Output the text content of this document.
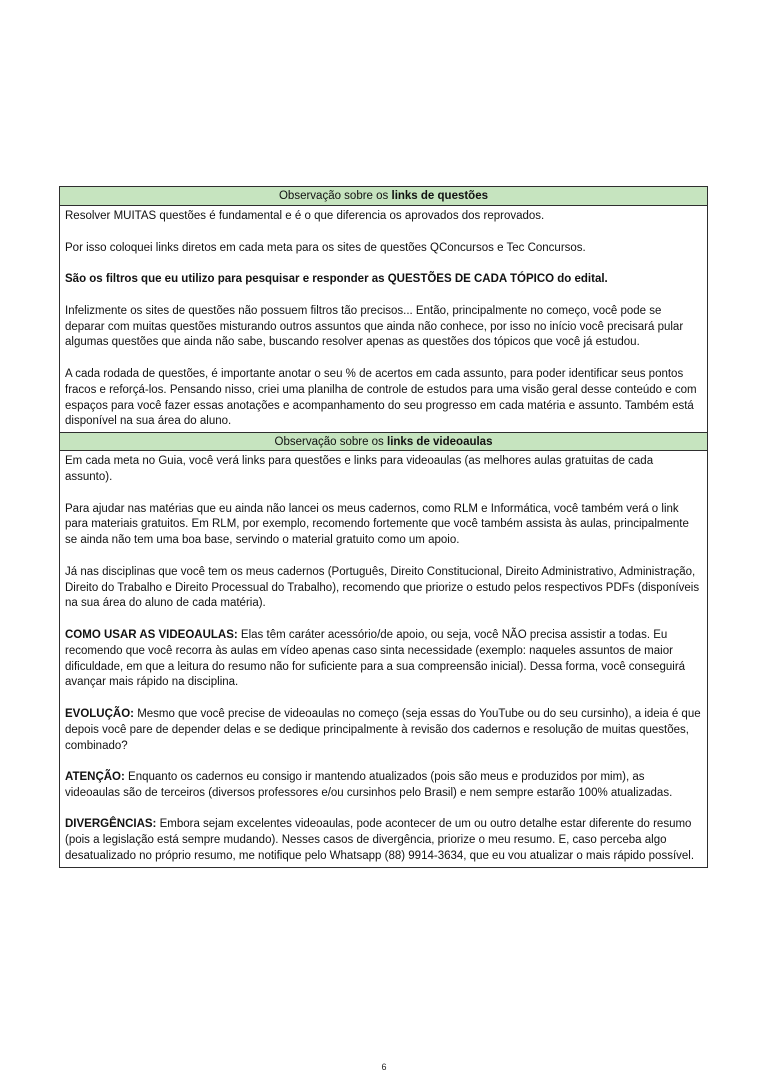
Observação sobre os links de questões

Resolver MUITAS questões é fundamental e é o que diferencia os aprovados dos reprovados.

Por isso coloquei links diretos em cada meta para os sites de questões QConcursos e Tec Concursos.

São os filtros que eu utilizo para pesquisar e responder as QUESTÕES DE CADA TÓPICO do edital.

Infelizmente os sites de questões não possuem filtros tão precisos... Então, principalmente no começo, você pode se deparar com muitas questões misturando outros assuntos que ainda não conhece, por isso no início você precisará pular algumas questões que ainda não sabe, buscando resolver apenas as questões dos tópicos que você já estudou.

A cada rodada de questões, é importante anotar o seu % de acertos em cada assunto, para poder identificar seus pontos fracos e reforçá-los. Pensando nisso, criei uma planilha de controle de estudos para uma visão geral desse conteúdo e com espaços para você fazer essas anotações e acompanhamento do seu progresso em cada matéria e assunto. Também está disponível na sua área do aluno.

Observação sobre os links de videoaulas

Em cada meta no Guia, você verá links para questões e links para videoaulas (as melhores aulas gratuitas de cada assunto).

Para ajudar nas matérias que eu ainda não lancei os meus cadernos, como RLM e Informática, você também verá o link para materiais gratuitos. Em RLM, por exemplo, recomendo fortemente que você também assista às aulas, principalmente se ainda não tem uma boa base, servindo o material gratuito como um apoio.

Já nas disciplinas que você tem os meus cadernos (Português, Direito Constitucional, Direito Administrativo, Administração, Direito do Trabalho e Direito Processual do Trabalho), recomendo que priorize o estudo pelos respectivos PDFs (disponíveis na sua área do aluno de cada matéria).

COMO USAR AS VIDEOAULAS: Elas têm caráter acessório/de apoio, ou seja, você NÃO precisa assistir a todas. Eu recomendo que você recorra às aulas em vídeo apenas caso sinta necessidade (exemplo: naqueles assuntos de maior dificuldade, em que a leitura do resumo não for suficiente para a sua compreensão inicial). Dessa forma, você conseguirá avançar mais rápido na disciplina.

EVOLUÇÃO: Mesmo que você precise de videoaulas no começo (seja essas do YouTube ou do seu cursinho), a ideia é que depois você pare de depender delas e se dedique principalmente à revisão dos cadernos e resolução de muitas questões, combinado?

ATENÇÃO: Enquanto os cadernos eu consigo ir mantendo atualizados (pois são meus e produzidos por mim), as videoaulas são de terceiros (diversos professores e/ou cursinhos pelo Brasil) e nem sempre estarão 100% atualizadas.

DIVERGÊNCIAS: Embora sejam excelentes videoaulas, pode acontecer de um ou outro detalhe estar diferente do resumo (pois a legislação está sempre mudando). Nesses casos de divergência, priorize o meu resumo. E, caso perceba algo desatualizado no próprio resumo, me notifique pelo Whatsapp (88) 9914-3634, que eu vou atualizar o mais rápido possível.

6
